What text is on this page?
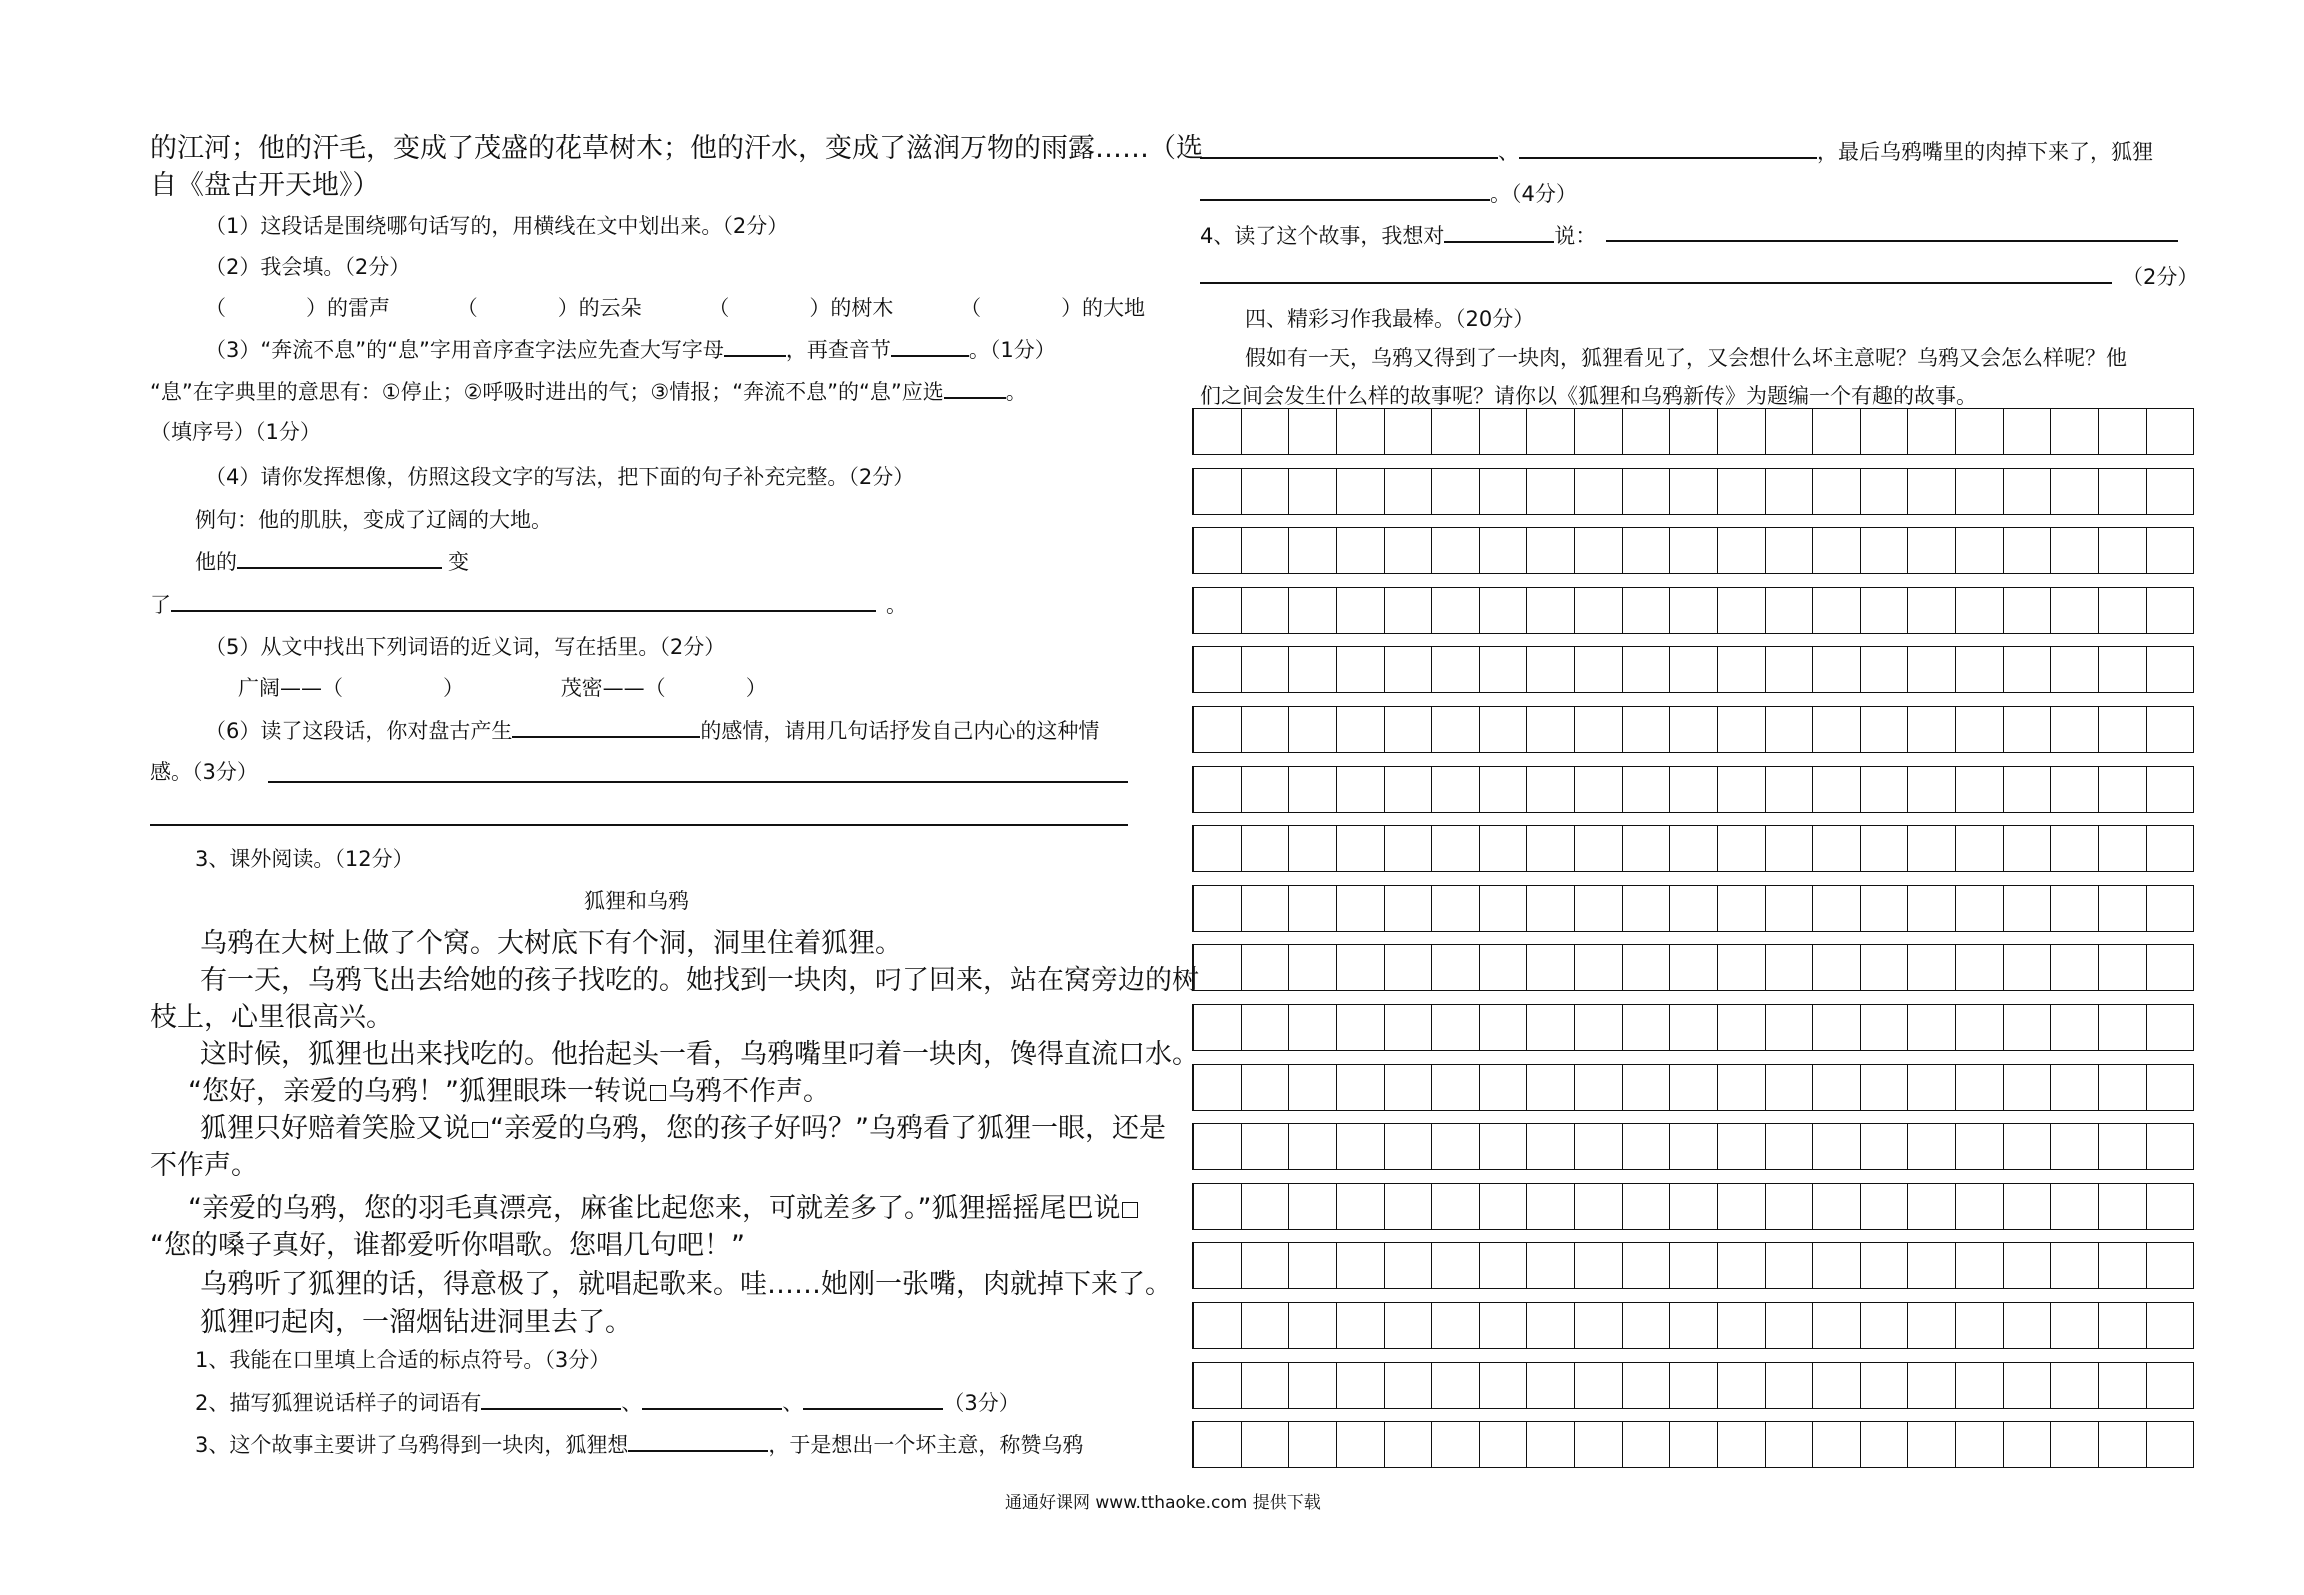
的江河；他的汗毛，变成了茂盛的花草树木；他的汗水，变成了滋润万物的雨露……（选
自《盘古开天地》）
（1）这段话是围绕哪句话写的，用横线在文中划出来。（2分）
（2）我会填。（2分）
（	）的雷声	（	）的云朵	（	）的树木	（	）的大地
（3）“奔流不息”的“息”字用音序查字法应先查大写字母	，再查音节	。（1分）
“息”在字典里的意思有：①停止；②呼吸时进出的气；③情报；“奔流不息”的“息”应选	。
（填序号）（1分）
（4）请你发挥想像，仿照这段文字的写法，把下面的句子补充完整。（2分）
例句：他的肌肤，变成了辽阔的大地。
他的	变
了	。
（5）从文中找出下列词语的近义词，写在括里。（2分）
广阔——（	）	茂密——（	）
（6）读了这段话，你对盘古产生	的感情，请用几句话抒发自己内心的这种情
感。（3分）
3、课外阅读。（12分）
狐狸和乌鸦
乌鸦在大树上做了个窝。大树底下有个洞，洞里住着狐狸。
有一天，乌鸦飞出去给她的孩子找吃的。她找到一块肉，叼了回来，站在窝旁边的树
枝上，心里很高兴。
这时候，狐狸也出来找吃的。他抬起头一看，乌鸦嘴里叼着一块肉，馋得直流口水。
“您好，亲爱的乌鸦！”狐狸眼珠一转说 乌鸦不作声。
狐狸只好赔着笑脸又说 “亲爱的乌鸦，您的孩子好吗？”乌鸦看了狐狸一眼，还是
不作声。
“亲爱的乌鸦，您的羽毛真漂亮，麻雀比起您来，可就差多了。”狐狸摇摇尾巴说
“您的嗓子真好，谁都爱听你唱歌。您唱几句吧！”
乌鸦听了狐狸的话，得意极了，就唱起歌来。哇……她刚一张嘴，肉就掉下来了。
狐狸叼起肉，一溜烟钻进洞里去了。
1、我能在口里填上合适的标点符号。（3分）
2、描写狐狸说话样子的词语有	、	、	（3分）
3、这个故事主要讲了乌鸦得到一块肉，狐狸想	，于是想出一个坏主意，称赞乌鸦
、	，最后乌鸦嘴里的肉掉下来了，狐狸
。（4分）
4、读了这个故事，我想对	说：
（2分）
四、精彩习作我最棒。（20分）
假如有一天，乌鸦又得到了一块肉，狐狸看见了，又会想什么坏主意呢？乌鸦又会怎么样呢？他
们之间会发生什么样的故事呢？请你以《狐狸和乌鸦新传》为题编一个有趣的故事。
通通好课网 www.tthaoke.com 提供下载
